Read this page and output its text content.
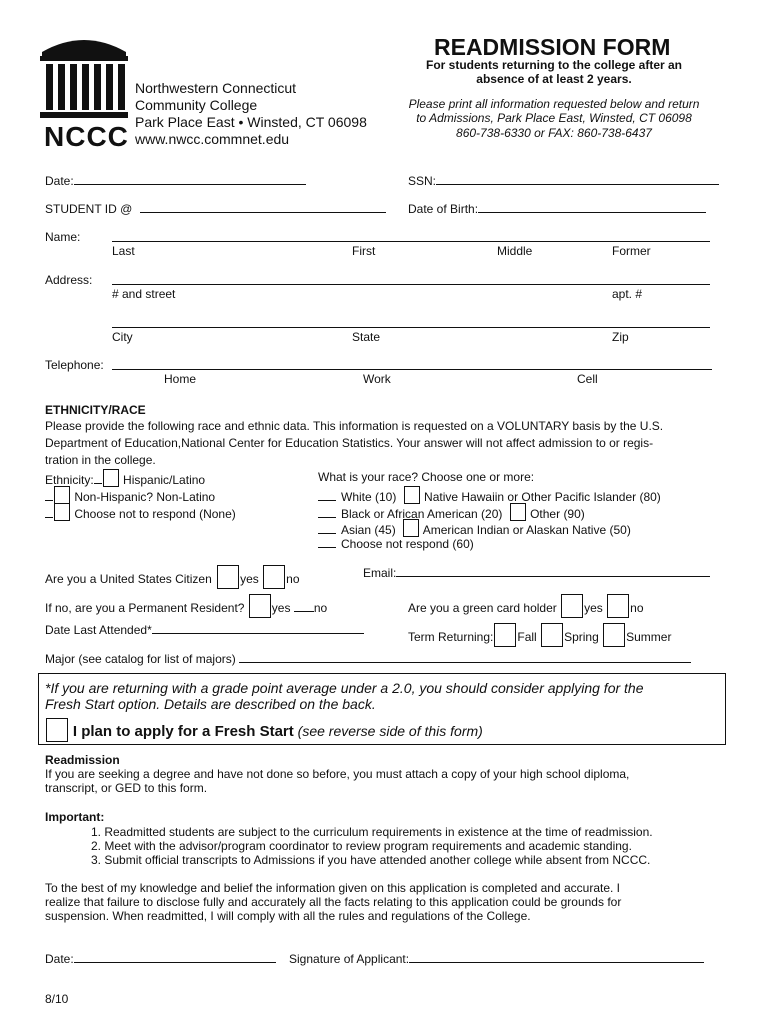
NCCC
Northwestern Connecticut
Community College
Park Place East • Winsted, CT 06098
www.nwcc.commnet.edu
READMISSION FORM
For students returning to the college after an
absence of at least 2 years.
Please print all information requested below and return
to Admissions, Park Place East, Winsted, CT 06098
860-738-6330 or FAX: 860-738-6437
Date:	SSN:
STUDENT ID @	Date of Birth:
Name:
Last	First	Middle	Former
Address:
# and street	apt. #
City	State	Zip
Telephone:
Home	Work	Cell
ETHNICITY/RACE
Please provide the following race and ethnic data. This information is requested on a VOLUNTARY basis by the U.S.
Department of Education,National Center for Education Statistics. Your answer will not affect admission to or regis-
tration in the college.
Ethnicity: Hispanic/Latino
Non-Hispanic? Non-Latino
Choose not to respond (None)
What is your race? Choose one or more:
White (10) Native Hawaiin or Other Pacific Islander (80)
Black or African American (20) Other (90)
Asian (45) American Indian or Alaskan Native (50)
Choose not respond (60)
Are you a United States Citizen yes no	Email:
If no, are you a Permanent Resident? yes no	Are you a green card holder yes no
Date Last Attended*	Term Returning: Fall Spring Summer
Major (see catalog for list of majors)
*If you are returning with a grade point average under a 2.0, you should consider applying for the
Fresh Start option. Details are described on the back.
I plan to apply for a Fresh Start (see reverse side of this form)
Readmission
If you are seeking a degree and have not done so before, you must attach a copy of your high school diploma,
transcript, or GED to this form.
Important:
1. Readmitted students are subject to the curriculum requirements in existence at the time of readmission.
2. Meet with the advisor/program coordinator to review program requirements and academic standing.
3. Submit official transcripts to Admissions if you have attended another college while absent from NCCC.
To the best of my knowledge and belief the information given on this application is completed and accurate. I
realize that failure to disclose fully and accurately all the facts relating to this application could be grounds for
suspension. When readmitted, I will comply with all the rules and regulations of the College.
Date:	Signature of Applicant:
8/10
